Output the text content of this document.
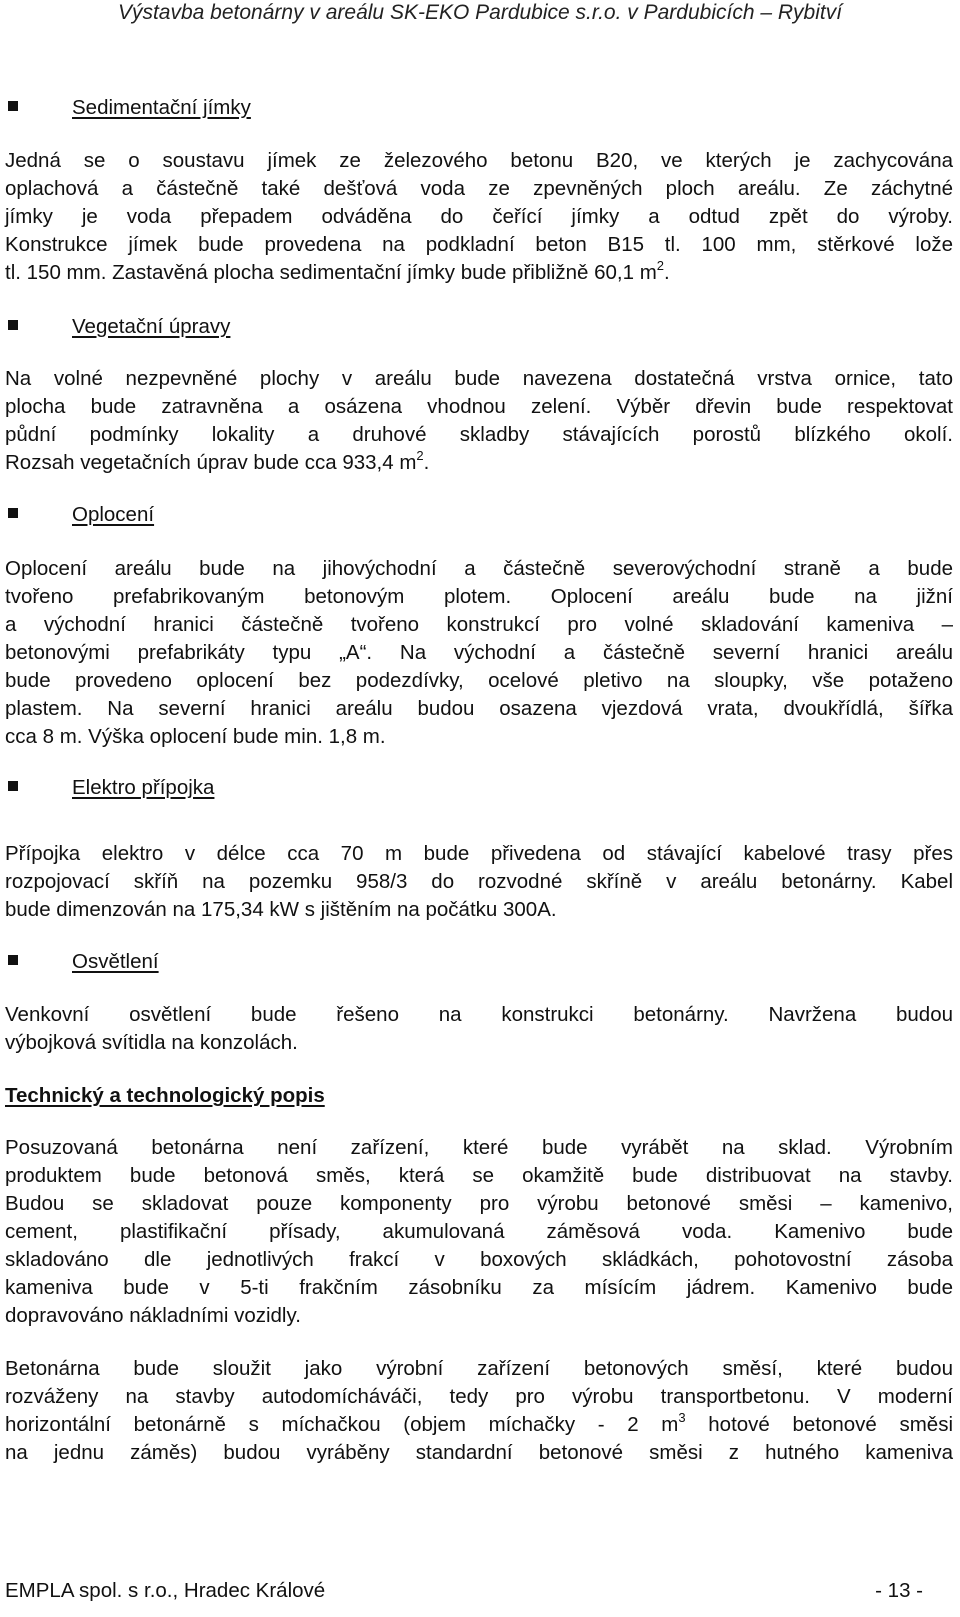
Výstavba betonárny v areálu SK-EKO Pardubice s.r.o. v Pardubicích – Rybitví
Sedimentační jímky
Jedná se o soustavu jímek ze železového betonu B20, ve kterých je zachycována
oplachová a částečně také dešťová voda ze zpevněných ploch areálu. Ze záchytné
jímky je voda přepadem odváděna do čeřící jímky a odtud zpět do výroby.
Konstrukce jímek bude provedena na podkladní beton B15 tl. 100 mm, stěrkové lože
tl. 150 mm. Zastavěná plocha sedimentační jímky bude přibližně 60,1 $m^2$.
Vegetační úpravy
Na volné nezpevněné plochy v areálu bude navezena dostatečná vrstva ornice, tato
plocha bude zatravněna a osázena vhodnou zelení. Výběr dřevin bude respektovat
půdní podmínky lokality a druhové skladby stávajících porostů blízkého okolí.
Rozsah vegetačních úprav bude cca 933,4 $m^2$.
Oplocení
Oplocení areálu bude na jihovýchodní a částečně severovýchodní straně a bude
tvořeno prefabrikovaným betonovým plotem. Oplocení areálu bude na jižní
a východní hranici částečně tvořeno konstrukcí pro volné skladování kameniva –
betonovými prefabrikáty typu „A“. Na východní a částečně severní hranici areálu
bude provedeno oplocení bez podezdívky, ocelové pletivo na sloupky, vše potaženo
plastem. Na severní hranici areálu budou osazena vjezdová vrata, dvoukřídlá, šířka
cca 8 m. Výška oplocení bude min. 1,8 m.
Elektro přípojka
Přípojka elektro v délce cca 70 m bude přivedena od stávající kabelové trasy přes
rozpojovací skříň na pozemku 958/3 do rozvodné skříně v areálu betonárny. Kabel
bude dimenzován na 175,34 kW s jištěním na počátku 300A.
Osvětlení
Venkovní osvětlení bude řešeno na konstrukci betonárny. Navržena budou
výbojková svítidla na konzolách.
Technický a technologický popis
Posuzovaná betonárna není zařízení, které bude vyrábět na sklad. Výrobním
produktem bude betonová směs, která se okamžitě bude distribuovat na stavby.
Budou se skladovat pouze komponenty pro výrobu betonové směsi – kamenivo,
cement, plastifikační přísady, akumulovaná záměsová voda. Kamenivo bude
skladováno dle jednotlivých frakcí v boxových skládkách, pohotovostní zásoba
kameniva bude v 5-ti frakčním zásobníku za mísícím jádrem. Kamenivo bude
dopravováno nákladními vozidly.
Betonárna bude sloužit jako výrobní zařízení betonových směsí, které budou
rozváženy na stavby autodomícháváči, tedy pro výrobu transportbetonu. V moderní
horizontální betonárně s míchačkou (objem míchačky - 2 $m^3$ hotové betonové směsi
na jednu záměs) budou vyráběny standardní betonové směsi z hutného kameniva
EMPLA spol. s r.o., Hradec Králové	- 13 -
